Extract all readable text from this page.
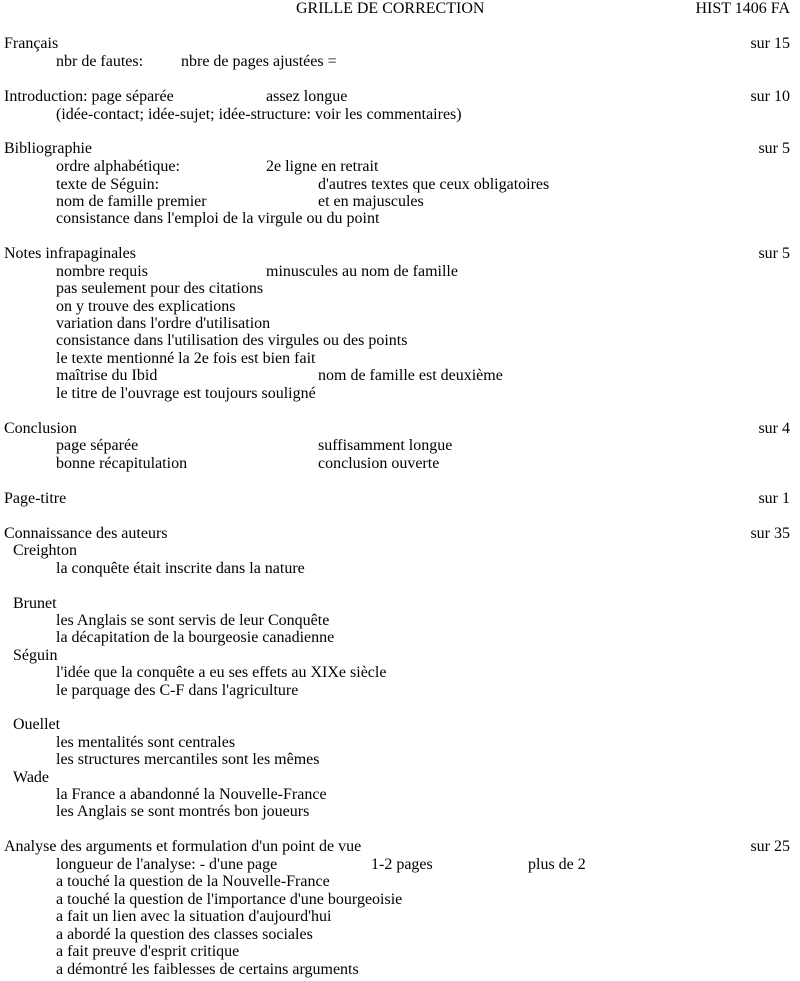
GRILLE DE CORRECTION	HIST 1406 FA
Français	sur 15
nbr de fautes: nbre de pages ajustées =
Introduction: page séparée	assez longue	sur 10
(idée-contact; idée-sujet; idée-structure: voir les commentaires)
Bibliographie	sur 5
ordre alphabétique:	2e ligne en retrait
texte de Séguin:	d'autres textes que ceux obligatoires
nom de famille premier	et en majuscules
consistance dans l'emploi de la virgule ou du point
Notes infrapaginales	sur 5
nombre requis	minuscules au nom de famille
pas seulement pour des citations
on y trouve des explications
variation dans l'ordre d'utilisation
consistance dans l'utilisation des virgules ou des points
le texte mentionné la 2e fois est bien fait
maîtrise du Ibid	nom de famille est deuxième
le titre de l'ouvrage est toujours souligné
Conclusion	sur 4
page séparée	suffisamment longue
bonne récapitulation	conclusion ouverte
Page-titre	sur 1
Connaissance des auteurs	sur 35
Creighton
la conquête était inscrite dans la nature
Brunet
les Anglais se sont servis de leur Conquête
la décapitation de la bourgeosie canadienne
Séguin
l'idée que la conquête a eu ses effets au XIXe siècle
le parquage des C-F dans l'agriculture
Ouellet
les mentalités sont centrales
les structures mercantiles sont les mêmes
Wade
la France a abandonné la Nouvelle-France
les Anglais se sont montrés bon joueurs
Analyse des arguments et formulation d'un point de vue	sur 25
longueur de l'analyse: - d'une page	1-2 pages	plus de 2
a touché la question de la Nouvelle-France
a touché la question de l'importance d'une bourgeoisie
a fait un lien avec la situation d'aujourd'hui
a abordé la question des classes sociales
a fait preuve d'esprit critique
a démontré les faiblesses de certains arguments
